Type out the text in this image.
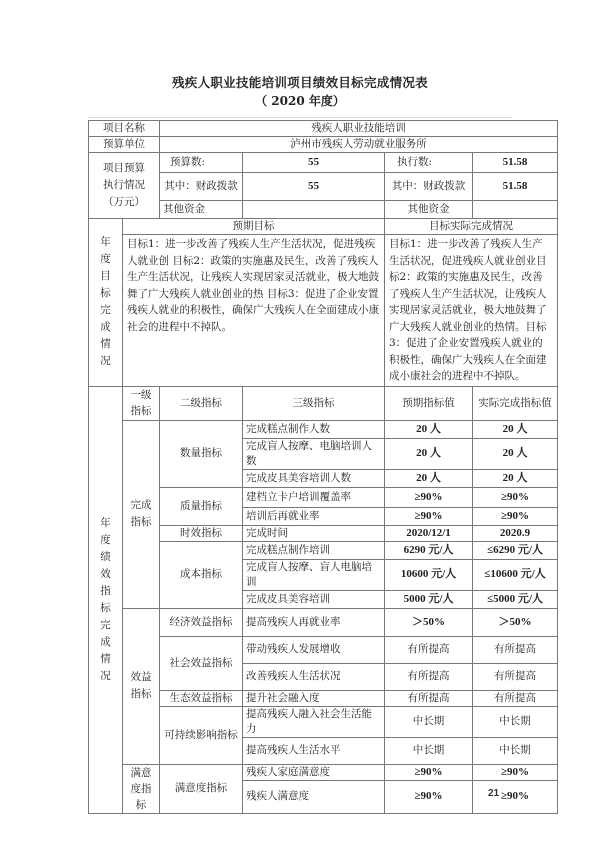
残疾人职业技能培训项目绩效目标完成情况表
（ 2020 年度）
项目名称		残疾人职业技能培训			
预算单位		泸州市残疾人劳动就业服务所			
项目预算执行情况（万元）		预算数:	55	执行数:	51.58
		其中：财政拨款	55	其中：财政拨款	51.58
		其他资金		其他资金	
年度目标完成情况	预期目标			目标实际完成情况	
	目标1：进一步改善了残疾人生产生活状况，促进残疾人就业创 目标2：政策的实施惠及民生，改善了残疾人生产生活状况，让残疾人实现居家灵活就业，极大地鼓舞了广大残疾人就业创业的热 目标3：促进了企业安置残疾人就业的积极性，确保广大残疾人在全面建成小康社会的进程中不掉队。			目标1：进一步改善了残疾人生产生活状况，促进残疾人就业创业目标2：政策的实施惠及民生，改善了残疾人生产生活状况，让残疾人实现居家灵活就业，极大地鼓舞了广大残疾人就业创业的热情。目标3：促进了企业安置残疾人就业的积极性，确保广大残疾人在全面建成小康社会的进程中不掉队。	
年度绩效指标完成情况	一级指标	二级指标	三级指标	预期指标值	实际完成指标值
	完成指标	数量指标	完成糕点制作人数	20 人	20 人
			完成盲人按摩、电脑培训人数	20 人	20 人
			完成皮具美容培训人数	20 人	20 人
		质量指标	建档立卡户培训覆盖率	≥90%	≥90%
			培训后再就业率	≥90%	≥90%
		时效指标	完成时间	2020/12/1	2020.9
		成本指标	完成糕点制作培训	6290 元/人	≤6290 元/人
			完成盲人按摩、盲人电脑培训	10600 元/人	≤10600 元/人
			完成皮具美容培训	5000 元/人	≤5000 元/人
	效益指标	经济效益指标	提高残疾人再就业率	＞50%	＞50%
		社会效益指标	带动残疾人发展增收	有所提高	有所提高
			改善残疾人生活状况	有所提高	有所提高
		生态效益指标	提升社会融入度	有所提高	有所提高
		可持续影响指标	提高残疾人融入社会生活能力	中长期	中长期
			提高残疾人生活水平	中长期	中长期
	满意度指标	满意度指标	残疾人家庭满意度	≥90%	≥90%
			残疾人满意度	≥90%	≥90%
21
